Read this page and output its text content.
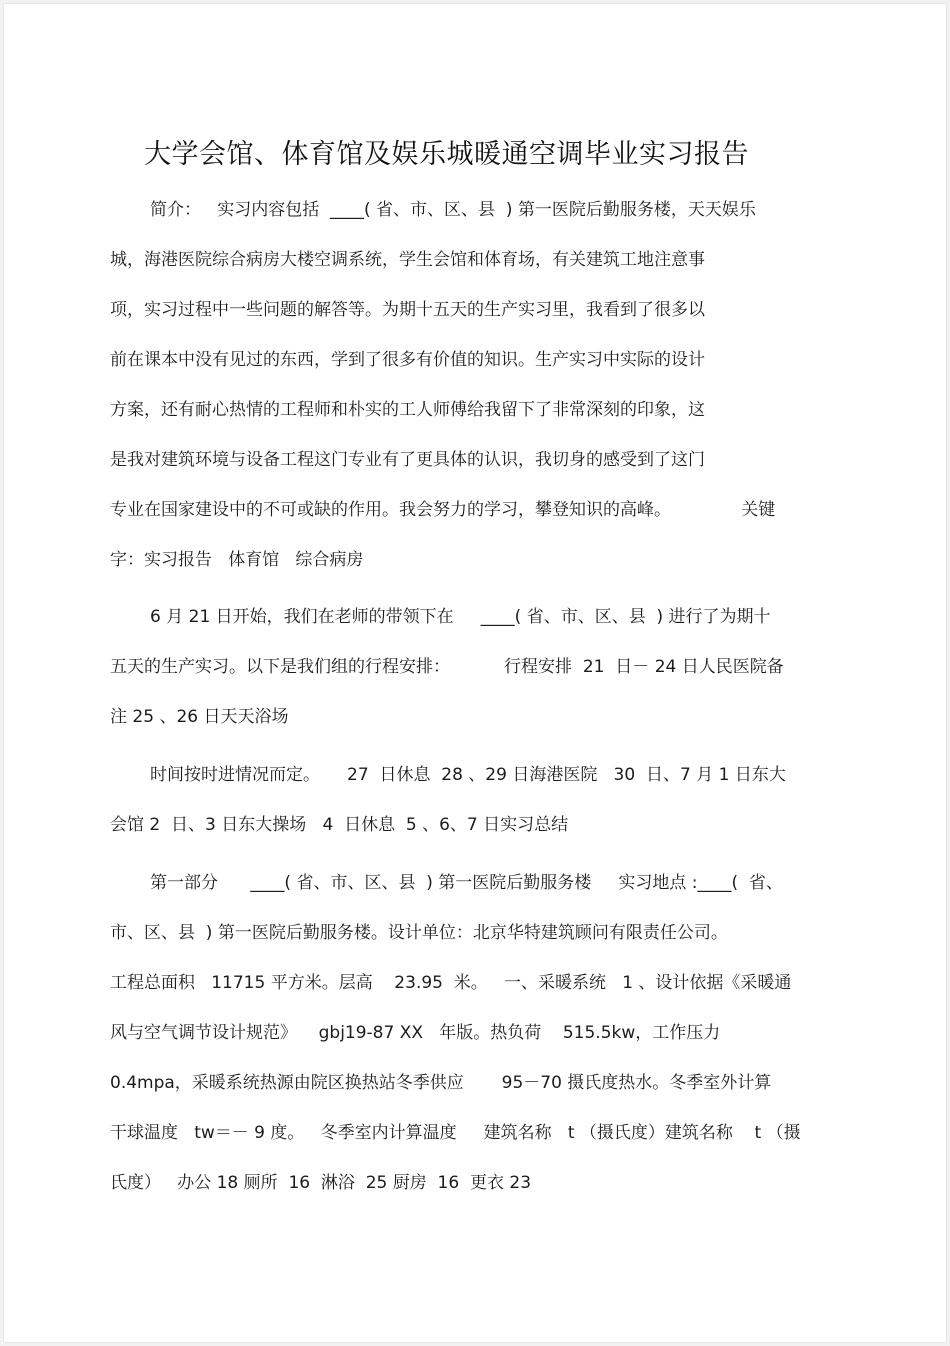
大学会馆、体育馆及娱乐城暖通空调毕业实习报告
简介：   实习内容包括  ____( 省、市、区、县  ) 第一医院后勤服务楼，天天娱乐
城，海港医院综合病房大楼空调系统，学生会馆和体育场，有关建筑工地注意事
项，实习过程中一些问题的解答等。为期十五天的生产实习里，我看到了很多以
前在课本中没有见过的东西，学到了很多有价值的知识。生产实习中实际的设计
方案，还有耐心热情的工程师和朴实的工人师傅给我留下了非常深刻的印象，这
是我对建筑环境与设备工程这门专业有了更具体的认识，我切身的感受到了这门
专业在国家建设中的不可或缺的作用。我会努力的学习，攀登知识的高峰。             关键
字：实习报告   体育馆   综合病房
6 月 21 日开始，我们在老师的带领下在     ____( 省、市、区、县  ) 进行了为期十
五天的生产实习。以下是我们组的行程安排：          行程安排  21  日－ 24 日人民医院备
注 25 、26 日天天浴场
时间按时进情况而定。     27  日休息  28 、29 日海港医院   30  日、7 月 1 日东大
会馆 2  日、3 日东大操场   4  日休息  5 、6、7 日实习总结
第一部分      ____( 省、市、区、县  ) 第一医院后勤服务楼     实习地点 :____(  省、
市、区、县  ) 第一医院后勤服务楼。设计单位：北京华特建筑顾问有限责任公司。
工程总面积   11715 平方米。层高    23.95  米。   一、采暖系统   1 、设计依据《采暖通
风与空气调节设计规范》    gbj19-87 XX   年版。热负荷    515.5kw，工作压力
0.4mpa，采暖系统热源由院区换热站冬季供应       95－70 摄氏度热水。冬季室外计算
干球温度   tw＝－ 9 度。   冬季室内计算温度     建筑名称   t （摄氏度）建筑名称    t （摄
氏度）   办公 18 厕所  16  淋浴  25 厨房  16  更衣 23
